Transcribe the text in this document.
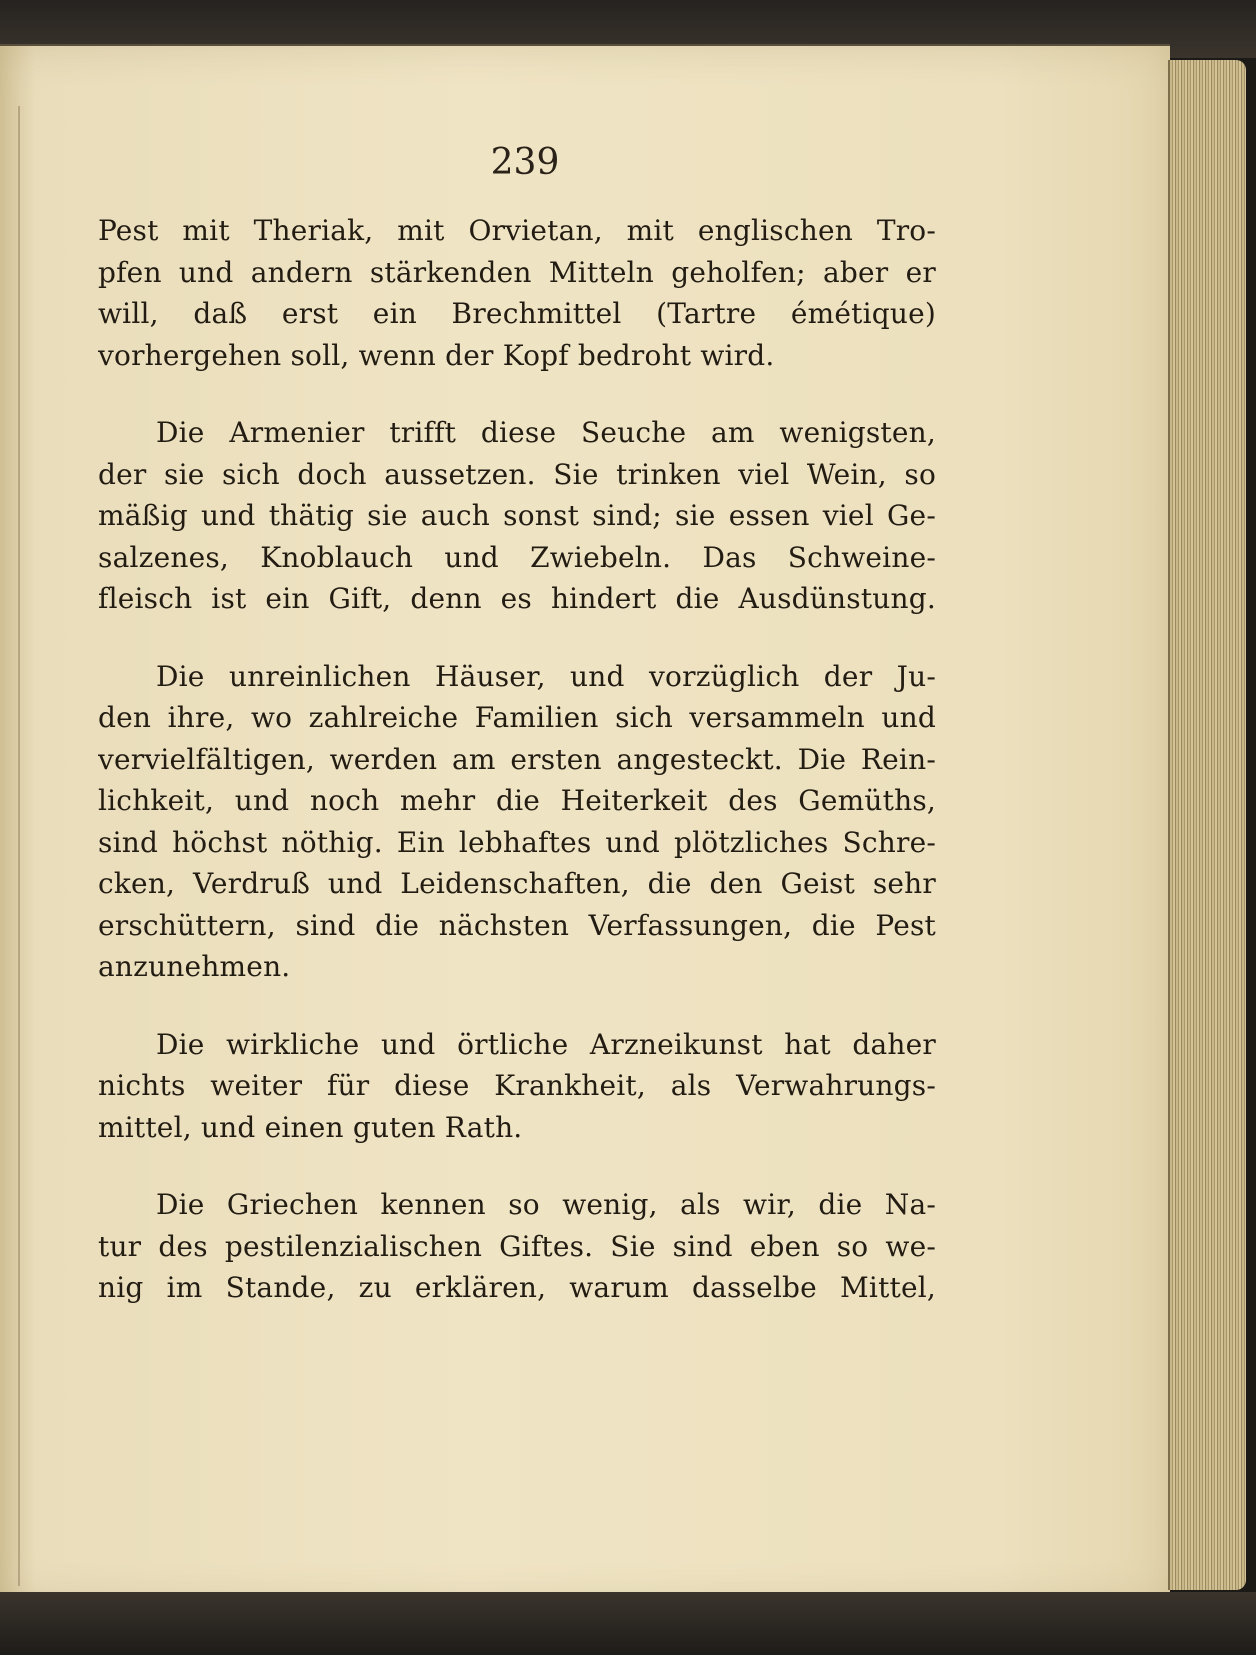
239
Pest mit Theriak, mit Orvietan, mit englischen Tro-
pfen und andern stärkenden Mitteln geholfen; aber er
will, daß erst ein Brechmittel (Tartre émétique)
vorhergehen soll, wenn der Kopf bedroht wird.
Die Armenier trifft diese Seuche am wenigsten,
der sie sich doch aussetzen. Sie trinken viel Wein, so
mäßig und thätig sie auch sonst sind; sie essen viel Ge-
salzenes, Knoblauch und Zwiebeln. Das Schweine-
fleisch ist ein Gift, denn es hindert die Ausdünstung.
Die unreinlichen Häuser, und vorzüglich der Ju-
den ihre, wo zahlreiche Familien sich versammeln und
vervielfältigen, werden am ersten angesteckt. Die Rein-
lichkeit, und noch mehr die Heiterkeit des Gemüths,
sind höchst nöthig. Ein lebhaftes und plötzliches Schre-
cken, Verdruß und Leidenschaften, die den Geist sehr
erschüttern, sind die nächsten Verfassungen, die Pest
anzunehmen.
Die wirkliche und örtliche Arzneikunst hat daher
nichts weiter für diese Krankheit, als Verwahrungs-
mittel, und einen guten Rath.
Die Griechen kennen so wenig, als wir, die Na-
tur des pestilenzialischen Giftes. Sie sind eben so we-
nig im Stande, zu erklären, warum dasselbe Mittel,
